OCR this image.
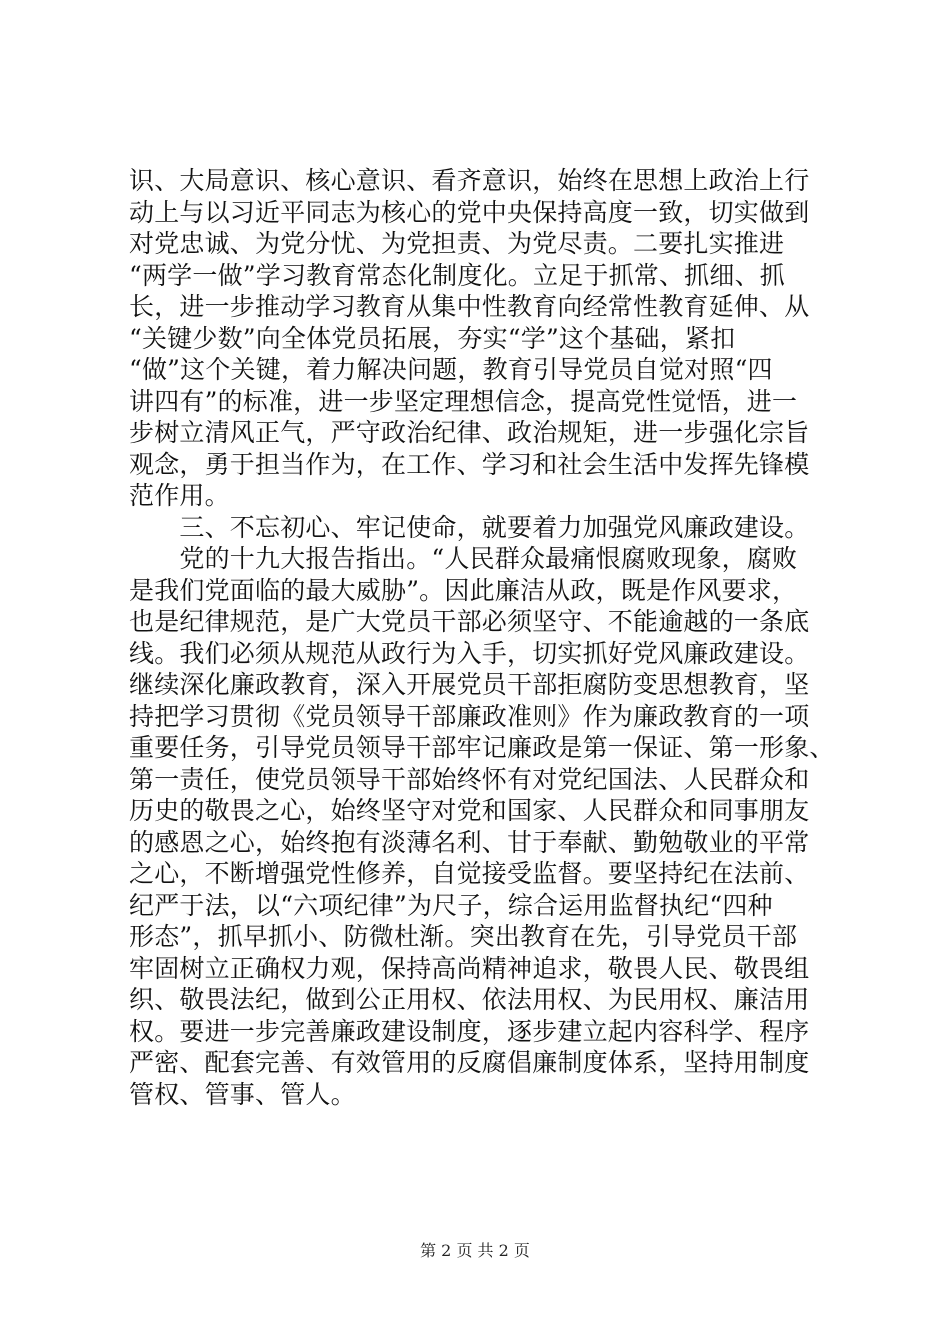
识、大局意识、核心意识、看齐意识，始终在思想上政治上行
动上与以习近平同志为核心的党中央保持高度一致，切实做到
对党忠诚、为党分忧、为党担责、为党尽责。二要扎实推进
“两学一做”学习教育常态化制度化。立足于抓常、抓细、抓
长，进一步推动学习教育从集中性教育向经常性教育延伸、从
“关键少数”向全体党员拓展，夯实“学”这个基础，紧扣
“做”这个关键，着力解决问题，教育引导党员自觉对照“四
讲四有”的标准，进一步坚定理想信念，提高党性觉悟，进一
步树立清风正气，严守政治纪律、政治规矩，进一步强化宗旨
观念，勇于担当作为，在工作、学习和社会生活中发挥先锋模
范作用。
　　三、不忘初心、牢记使命，就要着力加强党风廉政建设。
　　党的十九大报告指出。“人民群众最痛恨腐败现象，腐败
是我们党面临的最大威胁”。因此廉洁从政，既是作风要求，
也是纪律规范，是广大党员干部必须坚守、不能逾越的一条底
线。我们必须从规范从政行为入手，切实抓好党风廉政建设。
继续深化廉政教育，深入开展党员干部拒腐防变思想教育，坚
持把学习贯彻《党员领导干部廉政准则》作为廉政教育的一项
重要任务，引导党员领导干部牢记廉政是第一保证、第一形象、
第一责任，使党员领导干部始终怀有对党纪国法、人民群众和
历史的敬畏之心，始终坚守对党和国家、人民群众和同事朋友
的感恩之心，始终抱有淡薄名利、甘于奉献、勤勉敬业的平常
之心，不断增强党性修养，自觉接受监督。要坚持纪在法前、
纪严于法，以“六项纪律”为尺子，综合运用监督执纪“四种
形态”，抓早抓小、防微杜渐。突出教育在先，引导党员干部
牢固树立正确权力观，保持高尚精神追求，敬畏人民、敬畏组
织、敬畏法纪，做到公正用权、依法用权、为民用权、廉洁用
权。要进一步完善廉政建设制度，逐步建立起内容科学、程序
严密、配套完善、有效管用的反腐倡廉制度体系，坚持用制度
管权、管事、管人。
第 2 页 共 2 页
